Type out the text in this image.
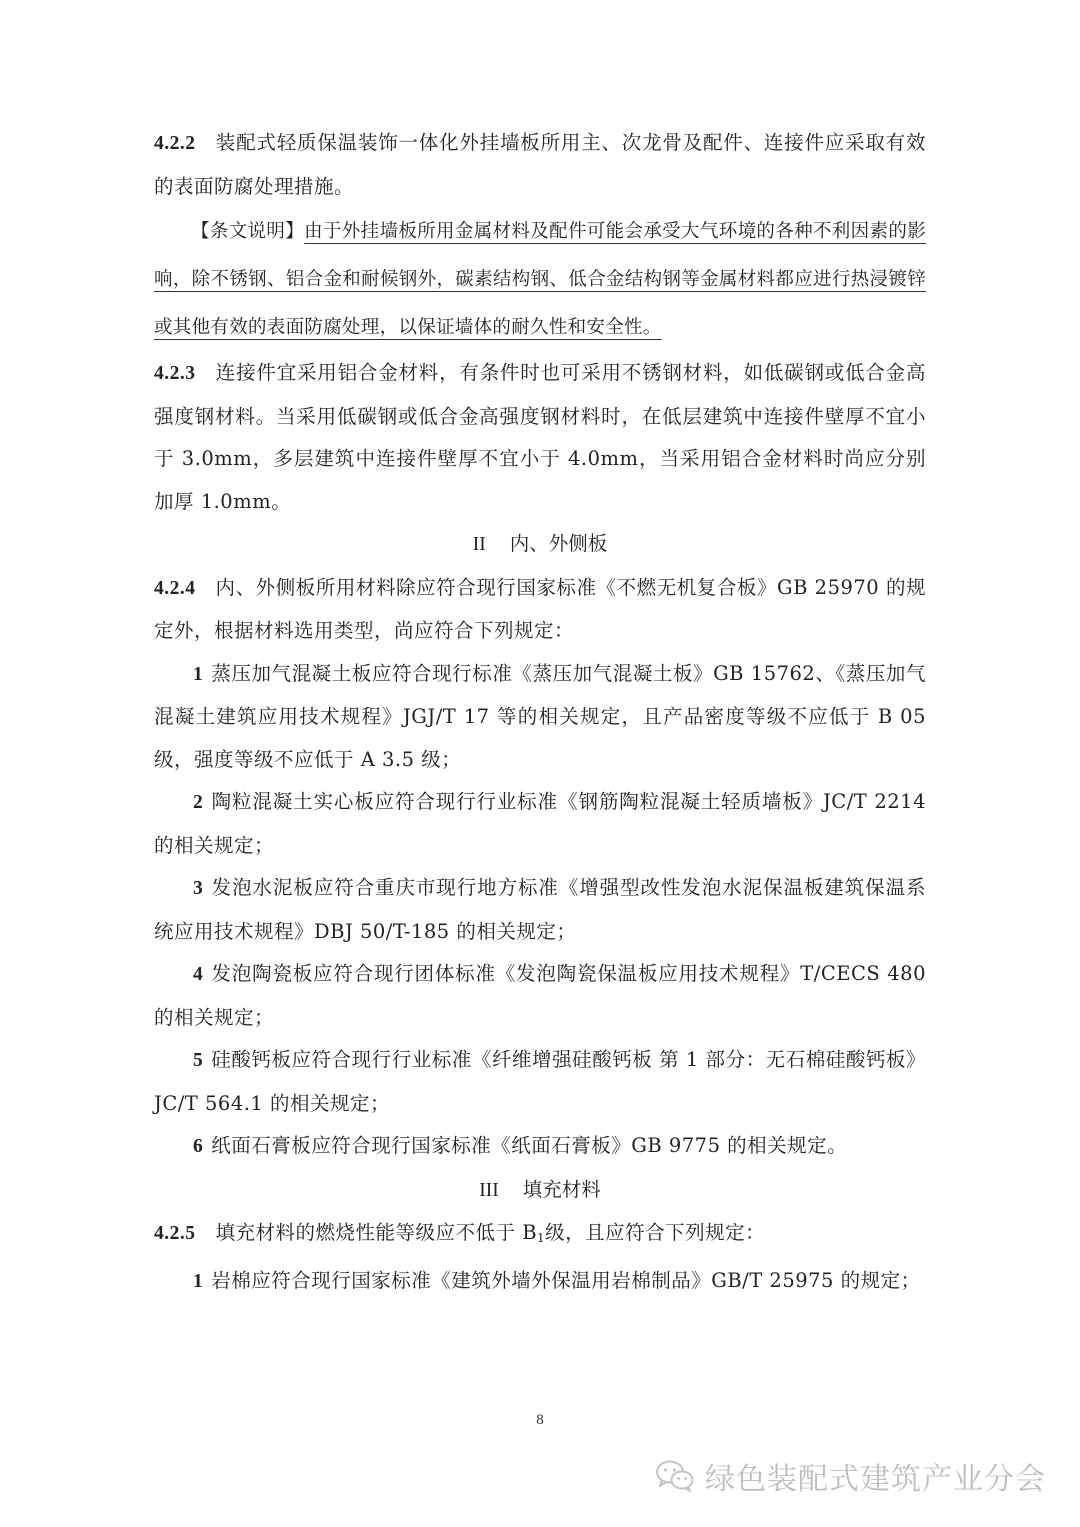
4.2.2 装配式轻质保温装饰一体化外挂墙板所用主、次龙骨及配件、连接件应采取有效的表面防腐处理措施。

【条文说明】由于外挂墙板所用金属材料及配件可能会承受大气环境的各种不利因素的影响，除不锈钢、铝合金和耐候钢外，碳素结构钢、低合金结构钢等金属材料都应进行热浸镀锌或其他有效的表面防腐处理，以保证墙体的耐久性和安全性。

4.2.3 连接件宜采用铝合金材料，有条件时也可采用不锈钢材料，如低碳钢或低合金高强度钢材料。当采用低碳钢或低合金高强度钢材料时，在低层建筑中连接件壁厚不宜小于 3.0mm，多层建筑中连接件壁厚不宜小于 4.0mm，当采用铝合金材料时尚应分别加厚 1.0mm。

II 内、外侧板

4.2.4 内、外侧板所用材料除应符合现行国家标准《不燃无机复合板》GB 25970 的规定外，根据材料选用类型，尚应符合下列规定：

1 蒸压加气混凝土板应符合现行标准《蒸压加气混凝土板》GB 15762、《蒸压加气混凝土建筑应用技术规程》JGJ/T 17 等的相关规定，且产品密度等级不应低于 B 05 级，强度等级不应低于 A 3.5 级；

2 陶粒混凝土实心板应符合现行行业标准《钢筋陶粒混凝土轻质墙板》JC/T 2214 的相关规定；

3 发泡水泥板应符合重庆市现行地方标准《增强型改性发泡水泥保温板建筑保温系统应用技术规程》DBJ 50/T-185 的相关规定；

4 发泡陶瓷板应符合现行团体标准《发泡陶瓷保温板应用技术规程》T/CECS 480 的相关规定；

5 硅酸钙板应符合现行行业标准《纤维增强硅酸钙板 第 1 部分：无石棉硅酸钙板》JC/T 564.1 的相关规定；

6 纸面石膏板应符合现行国家标准《纸面石膏板》GB 9775 的相关规定。

III 填充材料

4.2.5 填充材料的燃烧性能等级应不低于 $B_1$级，且应符合下列规定：

1 岩棉应符合现行国家标准《建筑外墙外保温用岩棉制品》GB/T 25975 的规定；

8
绿色装配式建筑产业分会
